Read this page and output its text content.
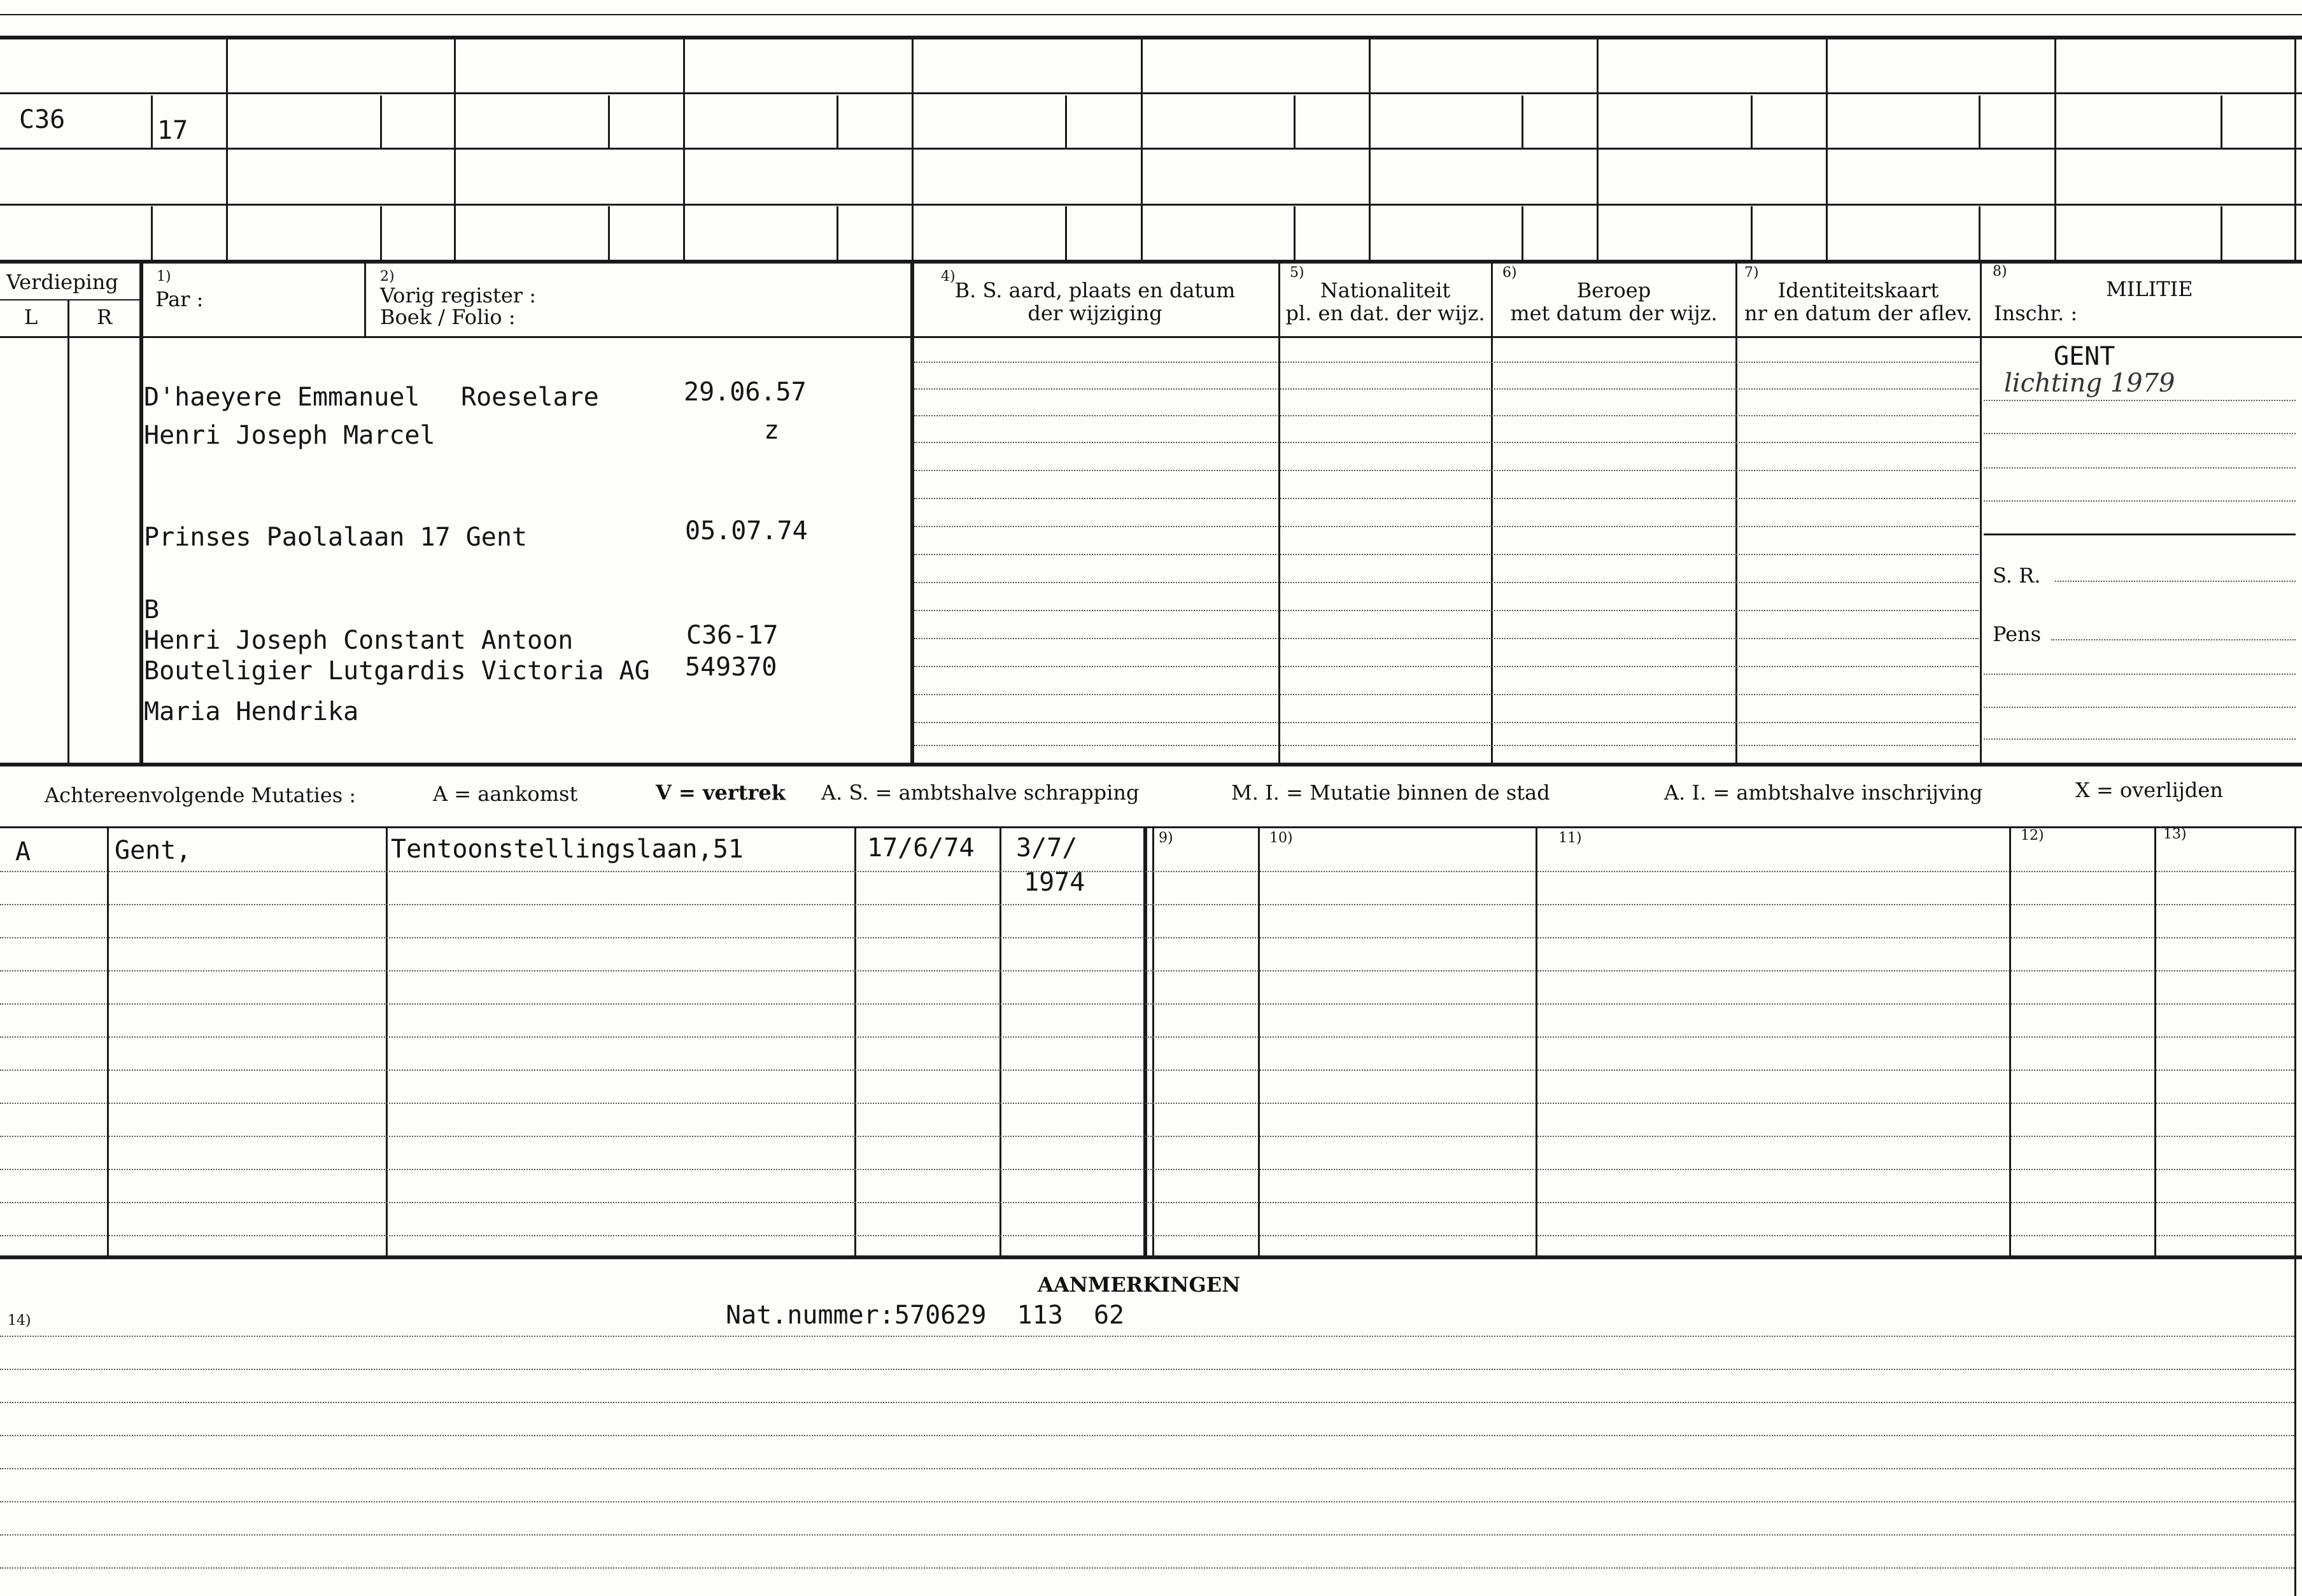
C36	17
Verdieping
L	R
1)
Par :
2)
Vorig register :
Boek / Folio :
4)
B. S. aard, plaats en datum
der wijziging
5)
Nationaliteit
pl. en dat. der wijz.
6)
Beroep
met datum der wijz.
7)
Identiteitskaart
nr en datum der aflev.
8)
MILITIE
Inschr. :
D'haeyere Emmanuel Roeselare	29.06.57
Henri Joseph Marcel	z
Prinses Paolalaan 17 Gent	05.07.74
B
Henri Joseph Constant Antoon	C36-17
Bouteligier Lutgardis Victoria AG 549370
Maria Hendrika
GENT
lichting 1979
S. R.
Pens
Achtereenvolgende Mutaties :	A = aankomst	V = vertrek A. S. = ambtshalve schrapping	M. I. = Mutatie binnen de stad	A. I. = ambtshalve inschrijving	X = overlijden
9)	10)	11)	12)	13)
A	Gent,	Tentoonstellingslaan,51	17/6/74 3/7/
1974
AANMERKINGEN
14)	Nat.nummer:570629  113  62
